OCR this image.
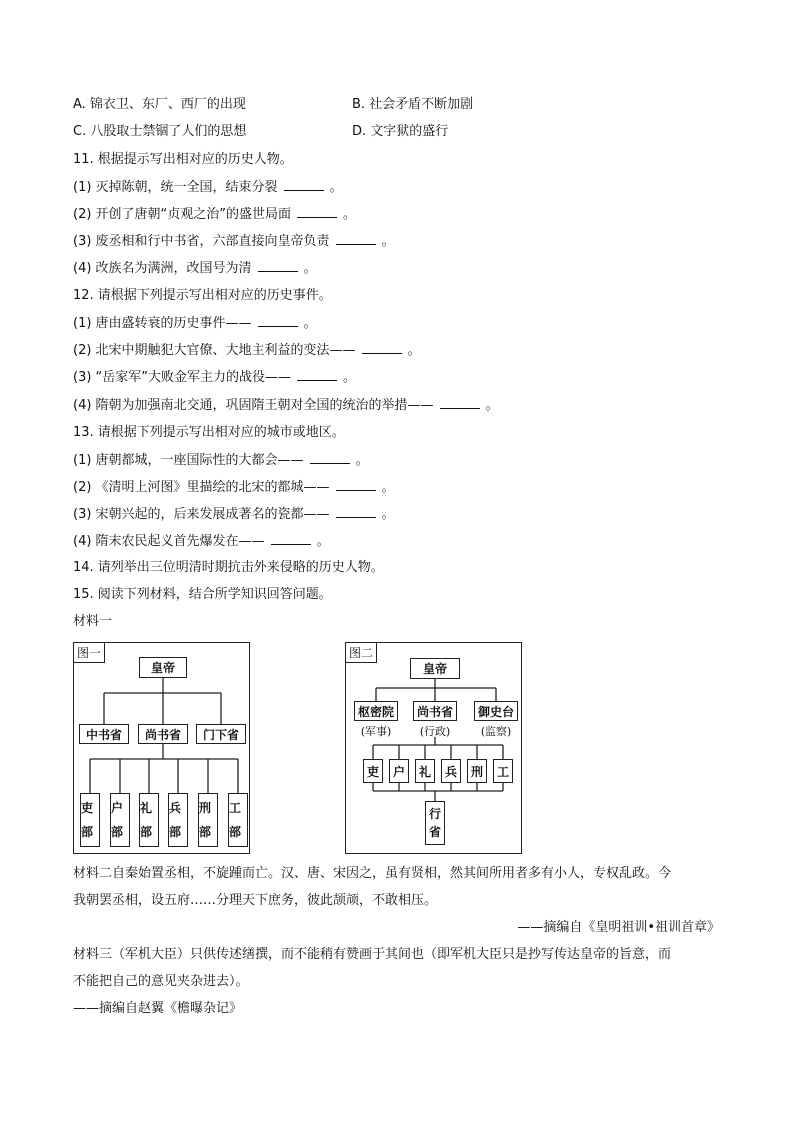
A. 锦衣卫、东厂、西厂的出现	B. 社会矛盾不断加剧
C. 八股取士禁锢了人们的思想	D. 文字狱的盛行
11. 根据提示写出相对应的历史人物。
(1) 灭掉陈朝，统一全国，结束分裂	。
(2) 开创了唐朝“贞观之治”的盛世局面	。
(3) 废丞相和行中书省，六部直接向皇帝负责	。
(4) 改族名为满洲，改国号为清	。
12. 请根据下列提示写出相对应的历史事件。
(1) 唐由盛转衰的历史事件——	。
(2) 北宋中期触犯大官僚、大地主利益的变法——	。
(3) “岳家军”大败金军主力的战役——	。
(4) 隋朝为加强南北交通，巩固隋王朝对全国的统治的举措——	。
13. 请根据下列提示写出相对应的城市或地区。
(1) 唐朝都城，一座国际性的大都会——	。
(2) 《清明上河图》里描绘的北宋的都城——	。
(3) 宋朝兴起的，后来发展成著名的瓷都——	。
(4) 隋末农民起义首先爆发在——	。
14. 请列举出三位明清时期抗击外来侵略的历史人物。
15. 阅读下列材料，结合所学知识回答问题。
材料一
图一
皇帝
中书省	尚书省	门下省
吏部
户部
礼部
兵部
刑部
工部
图二
皇帝
枢密院	尚书省	御史台
(军事)	(行政)	(监察)
吏	户	礼	兵	刑	工
行省
材料二自秦始置丞相，不旋踵而亡。汉、唐、宋因之，虽有贤相，然其间所用者多有小人，专权乱政。今
我朝罢丞相，设五府……分理天下庶务，彼此颉颃，不敢相压。
——摘编自《皇明祖训•祖训首章》
材料三（军机大臣）只供传述缮撰，而不能稍有赞画于其间也（即军机大臣只是抄写传达皇帝的旨意，而
不能把自己的意见夹杂进去）。
——摘编自赵翼《檐曝杂记》
